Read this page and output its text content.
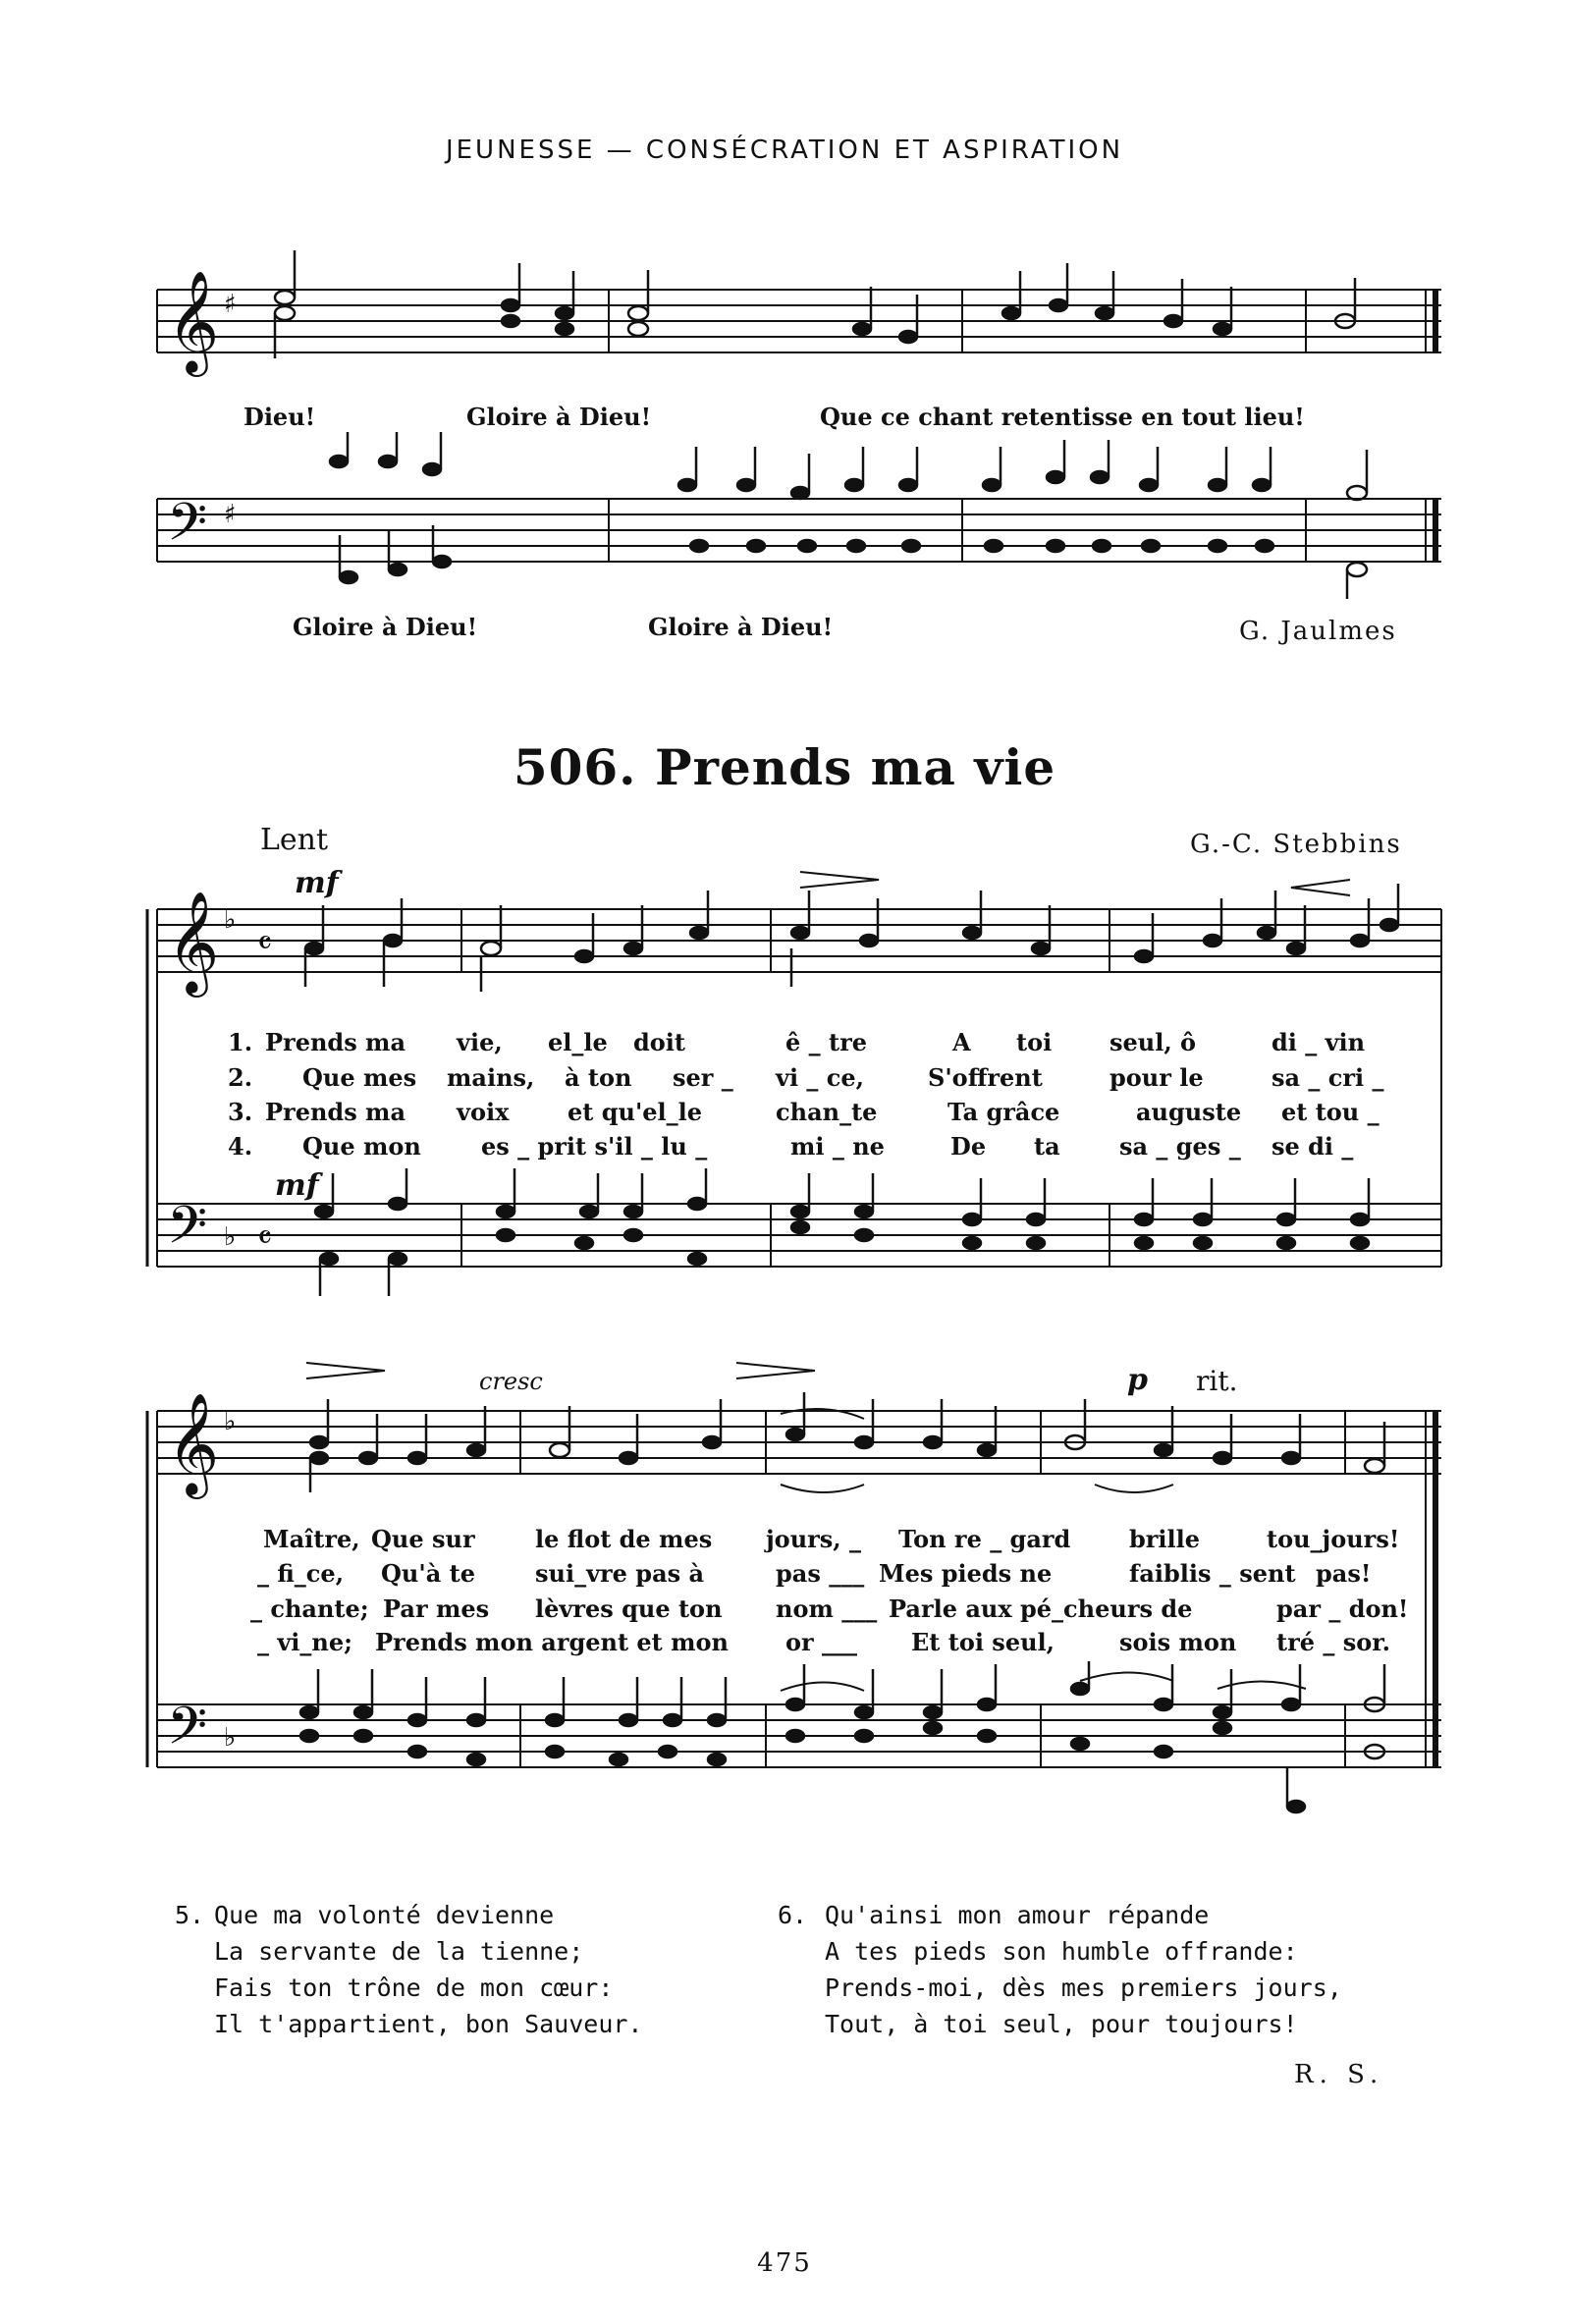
JEUNESSE — CONSÉCRATION ET ASPIRATION
𝄞 ♯
Dieu!	Gloire à Dieu!	Que ce chant retentisse en tout lieu!
𝄢 ♯
Gloire à Dieu!	Gloire à Dieu!	G. Jaulmes
506. Prends ma vie
Lent	G.-C. Stebbins
mf
𝄞 ♭
𝄴
1. Prends ma vie, el_le doit	ê _ tre	A toi seul, ô	di _ vin
2. Que mes mains, à ton ser _ vi _ ce,	S'offrent	pour le	sa _ cri _
3. Prends ma voix et qu'el_le	chan_te	Ta grâce	auguste et tou _
4. Que mon	es _ prit s'il _ lu _	mi _ ne	De ta	sa _ ges _ se di _
mf
𝄢 ♭ 𝄴
cresc	p rit.
𝄞 ♭
Maître, Que sur	le flot de mes jours, _ Ton re _ gard brille	tou_jours!
_ fi_ce, Qu'à te	sui_vre pas à	pas ___ Mes pieds ne	faiblis _ sent pas!
_ chante; Par mes lèvres que ton nom ___ Parle aux pé_cheurs de	par _ don!
_ vi_ne; Prends mon argent et mon or ___ Et toi seul,	sois mon tré _ sor.
𝄢 ♭
5. Que ma volonté devienne
La servante de la tienne;
Fais ton trône de mon cœur:
Il t'appartient, bon Sauveur.
6. Qu'ainsi mon amour répande
A tes pieds son humble offrande:
Prends-moi, dès mes premiers jours,
Tout, à toi seul, pour toujours!
R. S.
475
